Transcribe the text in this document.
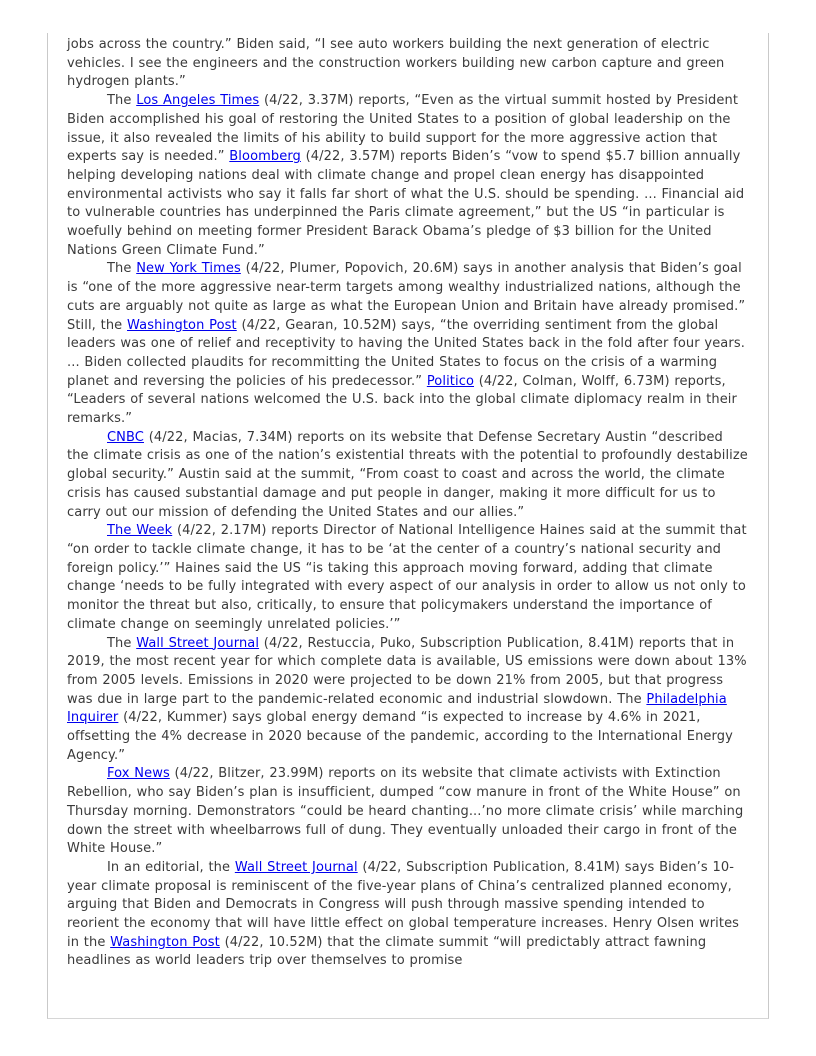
jobs across the country.” Biden said, “I see auto workers building the next generation of electric vehicles. I see the engineers and the construction workers building new carbon capture and green hydrogen plants.”

The Los Angeles Times (4/22, 3.37M) reports, “Even as the virtual summit hosted by President Biden accomplished his goal of restoring the United States to a position of global leadership on the issue, it also revealed the limits of his ability to build support for the more aggressive action that experts say is needed.” Bloomberg (4/22, 3.57M) reports Biden’s “vow to spend $5.7 billion annually helping developing nations deal with climate change and propel clean energy has disappointed environmental activists who say it falls far short of what the U.S. should be spending. ... Financial aid to vulnerable countries has underpinned the Paris climate agreement,” but the US “in particular is woefully behind on meeting former President Barack Obama’s pledge of $3 billion for the United Nations Green Climate Fund.”

The New York Times (4/22, Plumer, Popovich, 20.6M) says in another analysis that Biden’s goal is “one of the more aggressive near-term targets among wealthy industrialized nations, although the cuts are arguably not quite as large as what the European Union and Britain have already promised.” Still, the Washington Post (4/22, Gearan, 10.52M) says, “the overriding sentiment from the global leaders was one of relief and receptivity to having the United States back in the fold after four years. ... Biden collected plaudits for recommitting the United States to focus on the crisis of a warming planet and reversing the policies of his predecessor.” Politico (4/22, Colman, Wolff, 6.73M) reports, “Leaders of several nations welcomed the U.S. back into the global climate diplomacy realm in their remarks.”

CNBC (4/22, Macias, 7.34M) reports on its website that Defense Secretary Austin “described the climate crisis as one of the nation’s existential threats with the potential to profoundly destabilize global security.” Austin said at the summit, “From coast to coast and across the world, the climate crisis has caused substantial damage and put people in danger, making it more difficult for us to carry out our mission of defending the United States and our allies.”

The Week (4/22, 2.17M) reports Director of National Intelligence Haines said at the summit that “on order to tackle climate change, it has to be ‘at the center of a country’s national security and foreign policy.’” Haines said the US “is taking this approach moving forward, adding that climate change ‘needs to be fully integrated with every aspect of our analysis in order to allow us not only to monitor the threat but also, critically, to ensure that policymakers understand the importance of climate change on seemingly unrelated policies.’”

The Wall Street Journal (4/22, Restuccia, Puko, Subscription Publication, 8.41M) reports that in 2019, the most recent year for which complete data is available, US emissions were down about 13% from 2005 levels. Emissions in 2020 were projected to be down 21% from 2005, but that progress was due in large part to the pandemic-related economic and industrial slowdown. The Philadelphia Inquirer (4/22, Kummer) says global energy demand “is expected to increase by 4.6% in 2021, offsetting the 4% decrease in 2020 because of the pandemic, according to the International Energy Agency.”

Fox News (4/22, Blitzer, 23.99M) reports on its website that climate activists with Extinction Rebellion, who say Biden’s plan is insufficient, dumped “cow manure in front of the White House” on Thursday morning. Demonstrators “could be heard chanting...’no more climate crisis’ while marching down the street with wheelbarrows full of dung. They eventually unloaded their cargo in front of the White House.”

In an editorial, the Wall Street Journal (4/22, Subscription Publication, 8.41M) says Biden’s 10-year climate proposal is reminiscent of the five-year plans of China’s centralized planned economy, arguing that Biden and Democrats in Congress will push through massive spending intended to reorient the economy that will have little effect on global temperature increases. Henry Olsen writes in the Washington Post (4/22, 10.52M) that the climate summit “will predictably attract fawning headlines as world leaders trip over themselves to promise
